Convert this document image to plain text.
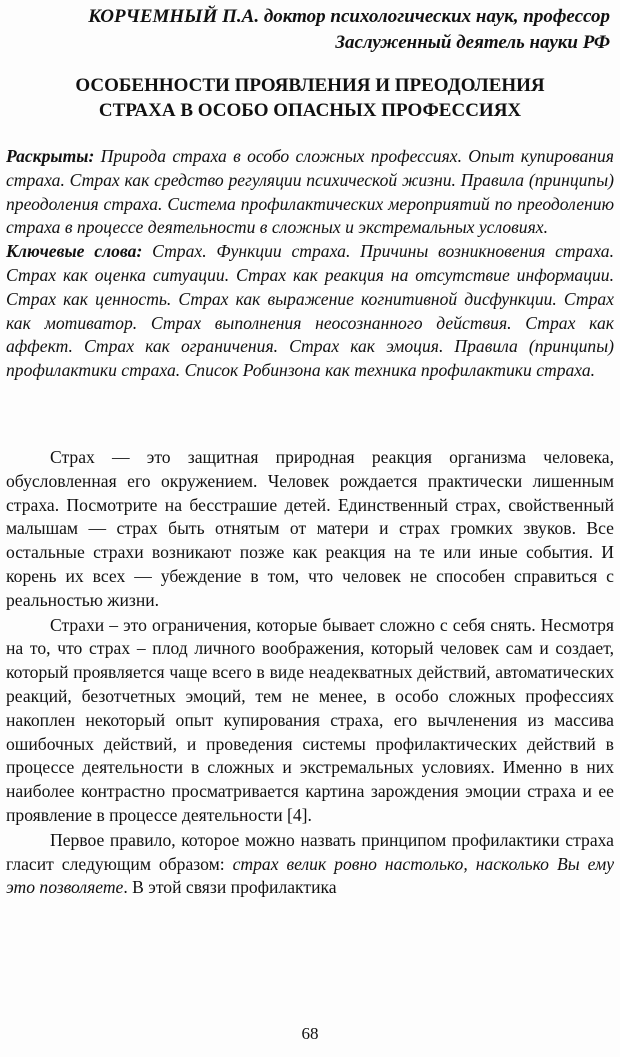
КОРЧЕМНЫЙ П.А. доктор психологических наук, профессор
Заслуженный деятель науки РФ
ОСОБЕННОСТИ ПРОЯВЛЕНИЯ И ПРЕОДОЛЕНИЯ
СТРАХА В ОСОБО ОПАСНЫХ ПРОФЕССИЯХ

Раскрыты: Природа страха в особо сложных профессиях. Опыт купирования страха. Страх как средство регуляции психической жизни. Правила (принципы) преодоления страха. Система профилактических мероприятий по преодолению страха в процессе деятельности в сложных и экстремальных условиях.

Ключевые слова: Страх. Функции страха. Причины возникновения страха. Страх как оценка ситуации. Страх как реакция на отсутствие информации. Страх как ценность. Страх как выражение когнитивной дисфункции. Страх как мотиватор. Страх выполнения неосознанного действия. Страх как аффект. Страх как ограничения. Страх как эмоция. Правила (принципы) профилактики страха. Список Робинзона как техника профилактики страха.

Страх — это защитная природная реакция организма человека, обусловленная его окружением. Человек рождается практически лишенным страха. Посмотрите на бесстрашие детей. Единственный страх, свойственный малышам — страх быть отнятым от матери и страх громких звуков. Все остальные страхи возникают позже как реакция на те или иные события. И корень их всех — убеждение в том, что человек не способен справиться с реальностью жизни.

Страхи – это ограничения, которые бывает сложно с себя снять. Несмотря на то, что страх – плод личного воображения, который человек сам и создает, который проявляется чаще всего в виде неадекватных действий, автоматических реакций, безотчетных эмоций, тем не менее, в особо сложных профессиях накоплен некоторый опыт купирования страха, его вычленения из массива ошибочных действий, и проведения системы профилактических действий в процессе деятельности в сложных и экстремальных условиях. Именно в них наиболее контрастно просматривается картина зарождения эмоции страха и ее проявление в процессе деятельности [4].

Первое правило, которое можно назвать принципом профилактики страха гласит следующим образом: страх велик ровно настолько, насколько Вы ему это позволяете. В этой связи профилактика

68
